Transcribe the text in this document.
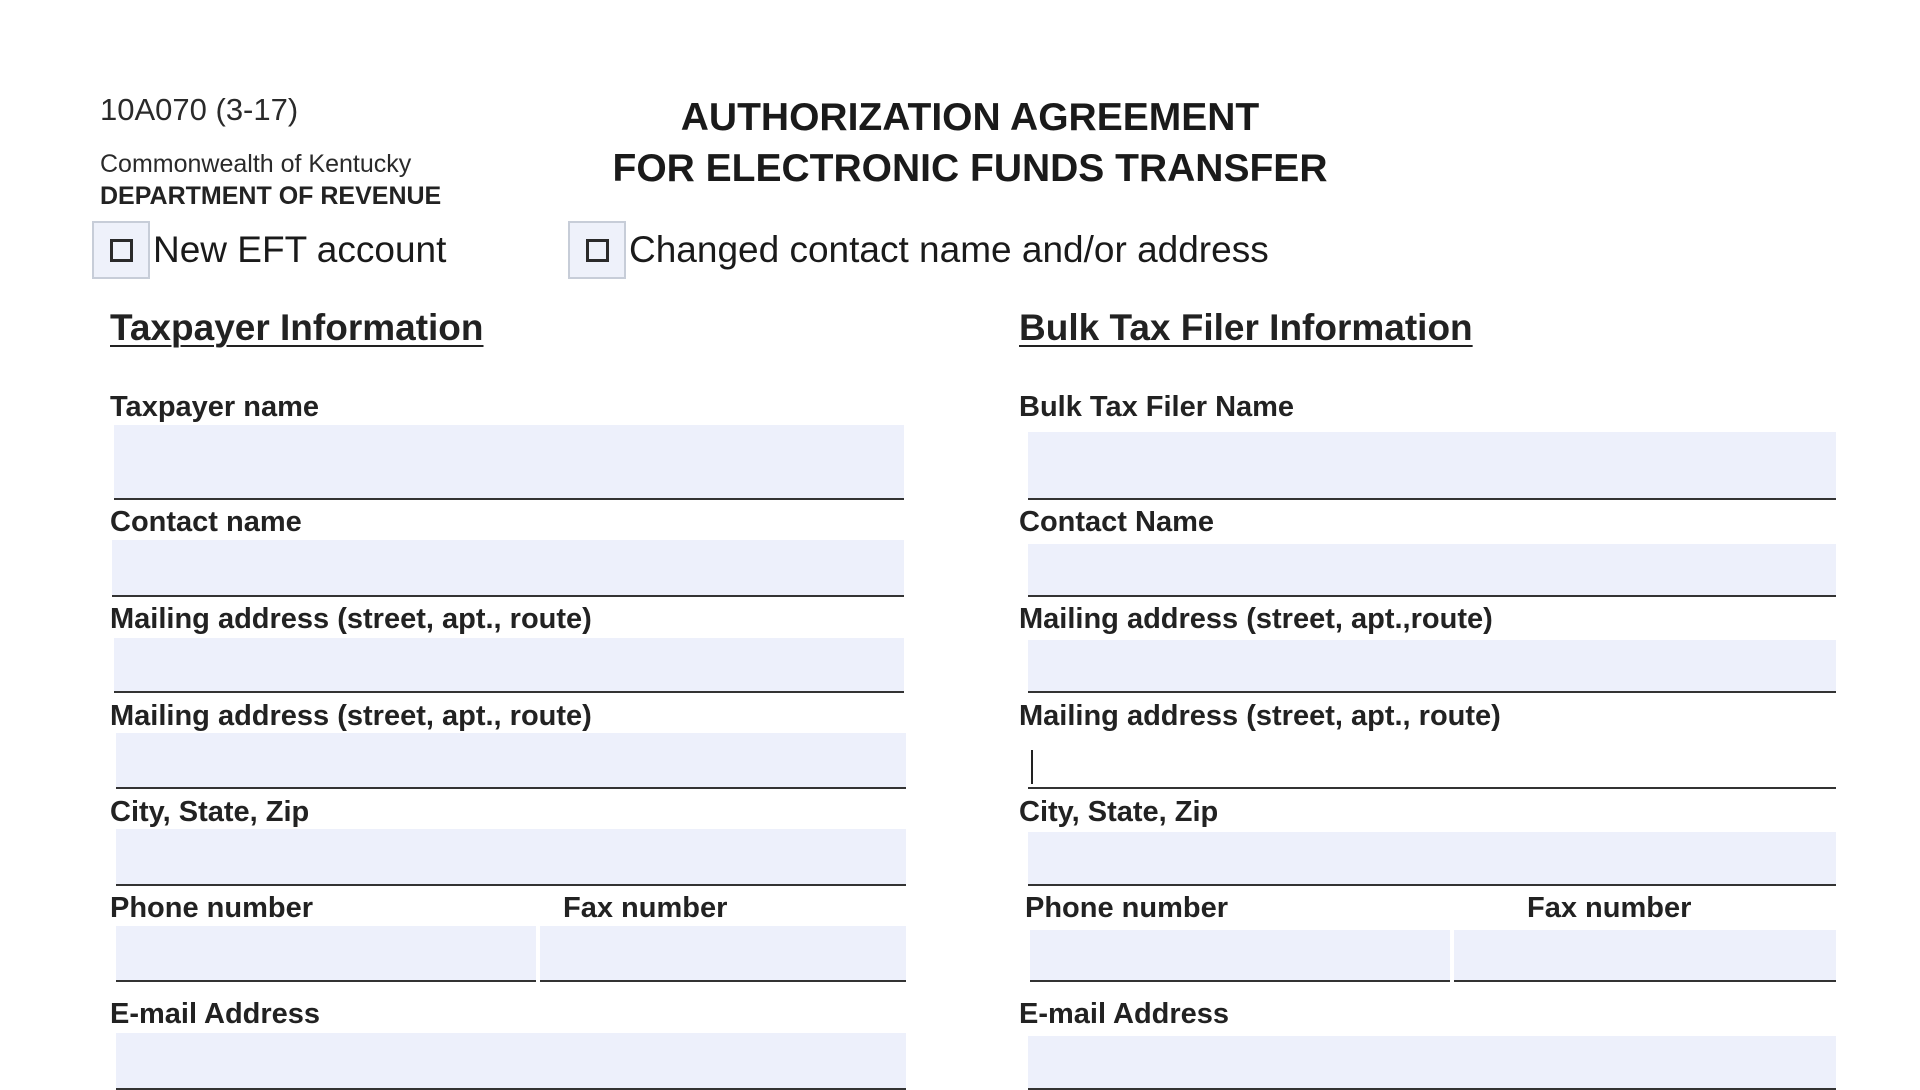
10A070 (3-17)
Commonwealth of Kentucky
DEPARTMENT OF REVENUE
AUTHORIZATION AGREEMENT
FOR ELECTRONIC FUNDS TRANSFER
New EFT account	Changed contact name and/or address
Taxpayer Information	Bulk Tax Filer Information
Taxpayer name
Contact name
Mailing address (street, apt., route)
Mailing address (street, apt., route)
City, State, Zip
Phone number	Fax number
E-mail Address
Bulk Tax Filer Name
Contact Name
Mailing address (street, apt.,route)
Mailing address (street, apt., route)
City, State, Zip
Phone number	Fax number
E-mail Address
